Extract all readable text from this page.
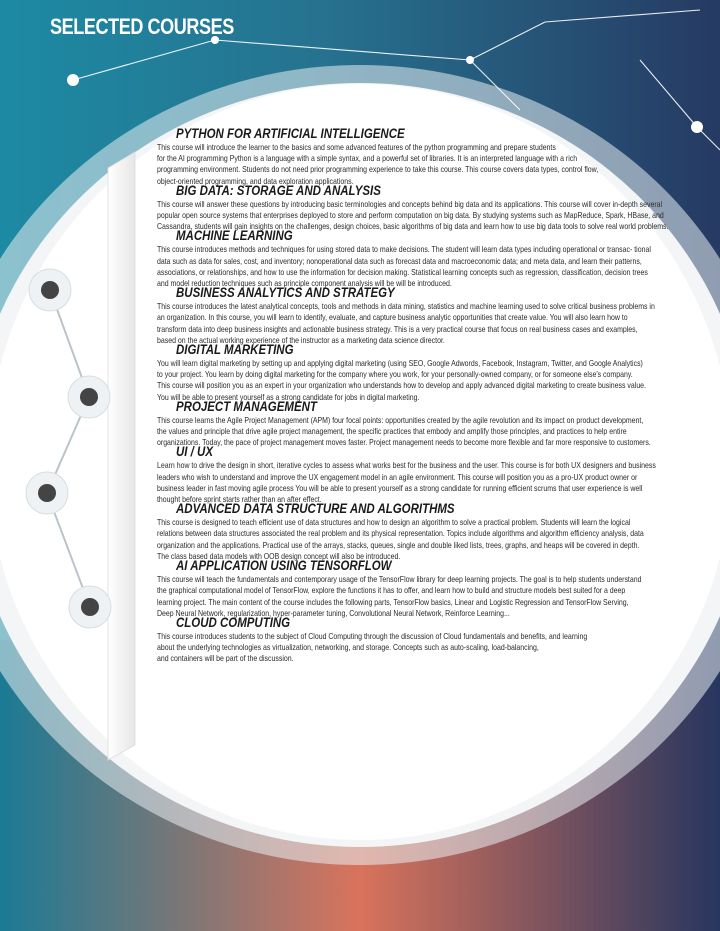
SELECTED COURSES
PYTHON FOR ARTIFICIAL INTELLIGENCE
This course will introduce the learner to the basics and some advanced features of the python programming and prepare students
for the AI programming Python is a language with a simple syntax, and a powerful set of libraries. It is an interpreted language with a rich
programming environment. Students do not need prior programming experience to take this course. This course covers data types, control flow,
object-oriented programming, and data exploration applications.
BIG DATA: STORAGE AND ANALYSIS
This course will answer these questions by introducing basic terminologies and concepts behind big data and its applications. This course will cover in-depth several
popular open source systems that enterprises deployed to store and perform computation on big data. By studying systems such as MapReduce, Spark, HBase, and
Cassandra, students will gain insights on the challenges, design choices, basic algorithms of big data and learn how to use big data tools to solve real world problems.
MACHINE LEARNING
This course introduces methods and techniques for using stored data to make decisions. The student will learn data types including operational or transac- tional
data such as data for sales, cost, and inventory; nonoperational data such as forecast data and macroeconomic data; and meta data, and learn their patterns,
associations, or relationships, and how to use the information for decision making. Statistical learning concepts such as regression, classification, decision trees
and model reduction techniques such as principle component analysis will be will be introduced.
BUSINESS ANALYTICS AND STRATEGY
This course introduces the latest analytical concepts, tools and methods in data mining, statistics and machine learning used to solve critical business problems in
an organization. In this course, you will learn to identify, evaluate, and capture business analytic opportunities that create value. You will also learn how to
transform data into deep business insights and actionable business strategy. This is a very practical course that focus on real business cases and examples,
based on the actual working experience of the instructor as a marketing data science director.
DIGITAL MARKETING
You will learn digital marketing by setting up and applying digital marketing (using SEO, Google Adwords, Facebook, Instagram, Twitter, and Google Analytics)
to your project. You learn by doing digital marketing for the company where you work, for your personally-owned company, or for someone else's company.
This course will position you as an expert in your organization who understands how to develop and apply advanced digital marketing to create business value.
You will be able to present yourself as a strong candidate for jobs in digital marketing.
PROJECT MANAGEMENT
This course learns the Agile Project Management (APM) four focal points: opportunities created by the agile revolution and its impact on product development,
the values and principle that drive agile project management, the specific practices that embody and amplify those principles, and practices to help entire
organizations. Today, the pace of project management moves faster. Project management needs to become more flexible and far more responsive to customers.
UI / UX
Learn how to drive the design in short, iterative cycles to assess what works best for the business and the user. This course is for both UX designers and business
leaders who wish to understand and improve the UX engagement model in an agile environment. This course will position you as a pro-UX product owner or
business leader in fast moving agile process You will be able to present yourself as a strong candidate for running efficient scrums that user experience is well
thought before sprint starts rather than an after effect.
ADVANCED DATA STRUCTURE AND ALGORITHMS
This course is designed to teach efficient use of data structures and how to design an algorithm to solve a practical problem. Students will learn the logical
relations between data structures associated the real problem and its physical representation. Topics include algorithms and algorithm efficiency analysis, data
organization and the applications. Practical use of the arrays, stacks, queues, single and double liked lists, trees, graphs, and heaps will be covered in depth.
The class based data models with OOB design concept will also be introduced.
AI APPLICATION USING TENSORFLOW
This course will teach the fundamentals and contemporary usage of the TensorFlow library for deep learning projects. The goal is to help students understand
the graphical computational model of TensorFlow, explore the functions it has to offer, and learn how to build and structure models best suited for a deep
learning project. The main content of the course includes the following parts, TensorFlow basics, Linear and Logistic Regression and TensorFlow Serving,
Deep Neural Network, regularization, hyper-parameter tuning, Convolutional Neural Network, Reinforce Learning...
CLOUD COMPUTING
This course introduces students to the subject of Cloud Computing through the discussion of Cloud fundamentals and benefits, and learning
about the underlying technologies as virtualization, networking, and storage. Concepts such as auto-scaling, load-balancing,
and containers will be part of the discussion.
